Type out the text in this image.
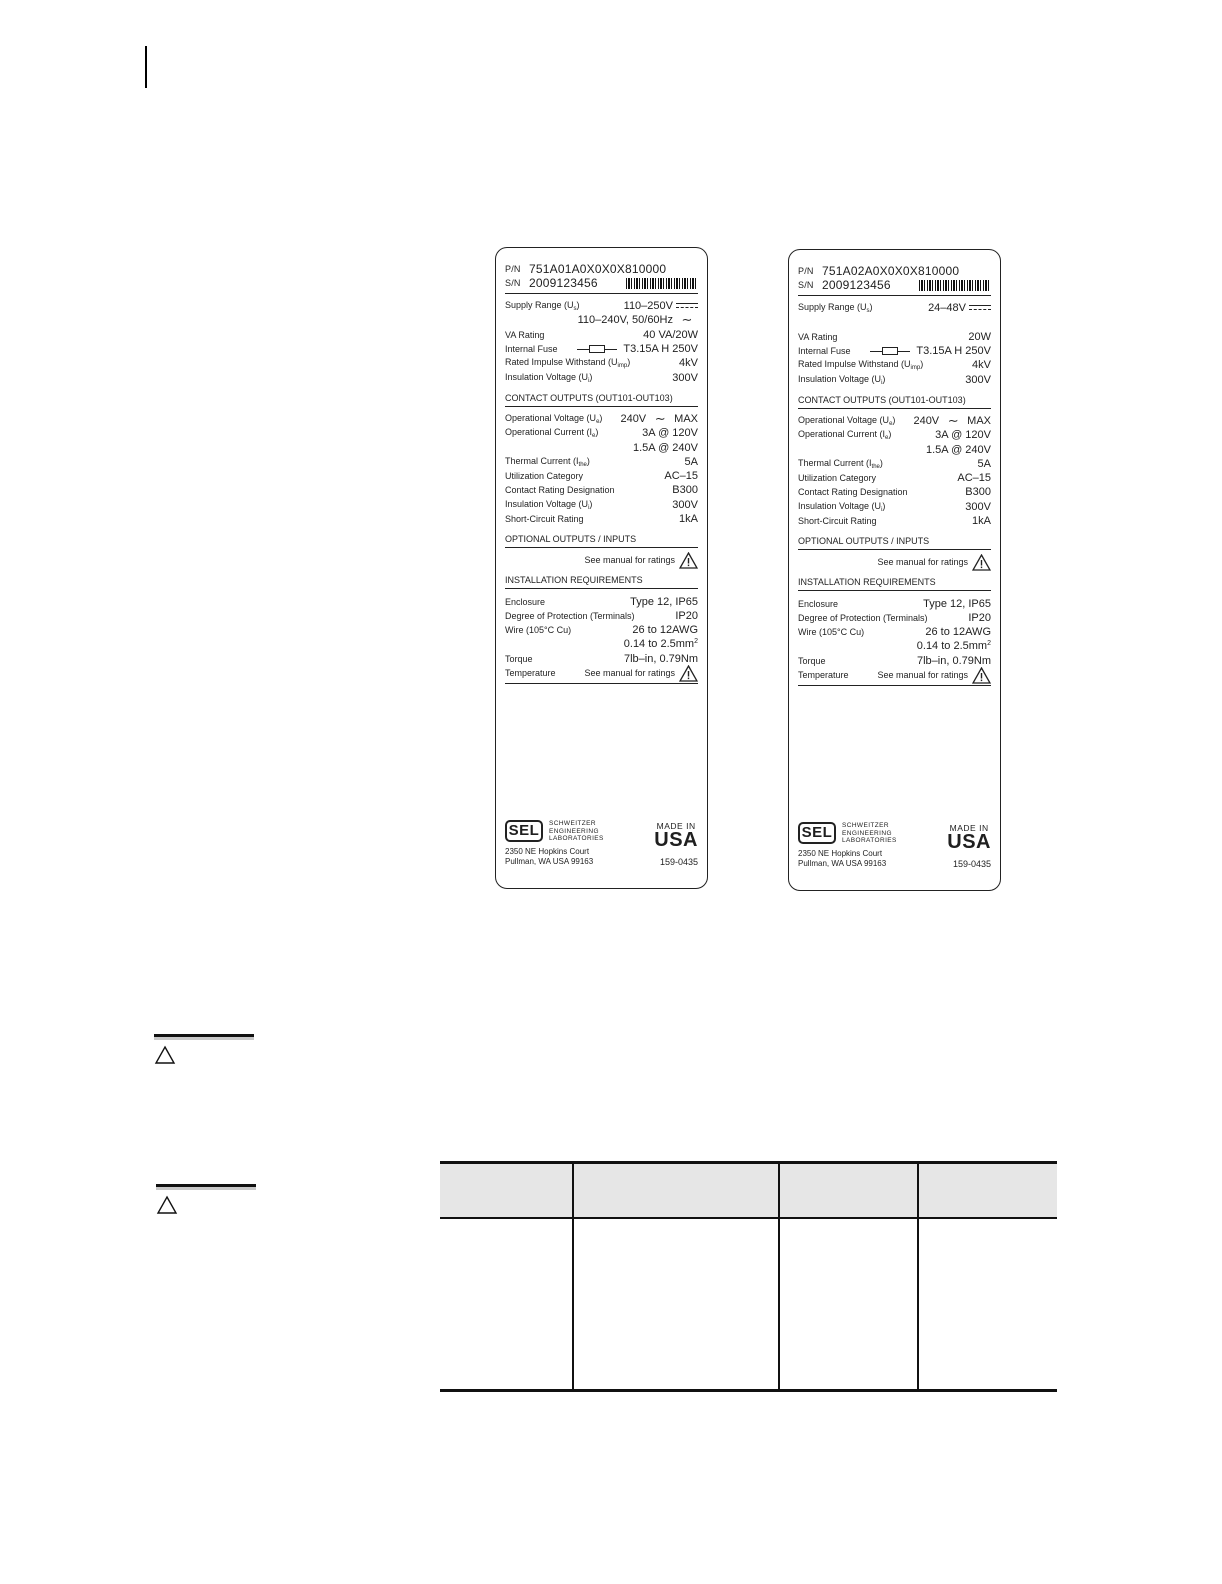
P/N 751A01A0X0X0X810000
S/N 2009123456
Supply Range $(U_s)$	110–250V
110–240V, 50/60Hz ∼
VA Rating	40 VA/20W
Internal Fuse	T3.15A H 250V
Rated Impulse Withstand $(U_{imp})$	4kV
Insulation Voltage $(U_i)$	300V
CONTACT OUTPUTS (OUT101-OUT103)
Operational Voltage $(U_e)$ 240V ∼ MAX
Operational Current $(I_e)$	3A @ 120V
1.5A @ 240V
Thermal Current $(I_{the})$	5A
Utilization Category	AC–15
Contact Rating Designation	B300
Insulation Voltage $(U_i)$	300V
Short-Circuit Rating	1kA
OPTIONAL OUTPUTS / INPUTS
See manual for ratings
INSTALLATION REQUIREMENTS
Enclosure	Type 12, IP65
Degree of Protection (Terminals)	IP20
Wire (105°C Cu)	26 to 12AWG
0.14 to $2.5mm^2$
Torque	7lb–in, 0.79Nm
Temperature	See manual for ratings
SEL	SCHWEITZER
ENGINEERING
LABORATORIES
2350 NE Hopkins Court
Pullman, WA USA 99163
MADE IN
USA
159-0435
P/N 751A02A0X0X0X810000
S/N 2009123456
Supply Range $(U_s)$	24–48V
VA Rating	20W
Internal Fuse	T3.15A H 250V
Rated Impulse Withstand $(U_{imp})$	4kV
Insulation Voltage $(U_i)$	300V
CONTACT OUTPUTS (OUT101-OUT103)
Operational Voltage $(U_e)$ 240V ∼ MAX
Operational Current $(I_e)$	3A @ 120V
1.5A @ 240V
Thermal Current $(I_{the})$	5A
Utilization Category	AC–15
Contact Rating Designation	B300
Insulation Voltage $(U_i)$	300V
Short-Circuit Rating	1kA
OPTIONAL OUTPUTS / INPUTS
See manual for ratings
INSTALLATION REQUIREMENTS
Enclosure	Type 12, IP65
Degree of Protection (Terminals)	IP20
Wire (105°C Cu)	26 to 12AWG
0.14 to $2.5mm^2$
Torque	7lb–in, 0.79Nm
Temperature	See manual for ratings
SEL	SCHWEITZER
ENGINEERING
LABORATORIES
2350 NE Hopkins Court
Pullman, WA USA 99163
MADE IN
USA
159-0435
